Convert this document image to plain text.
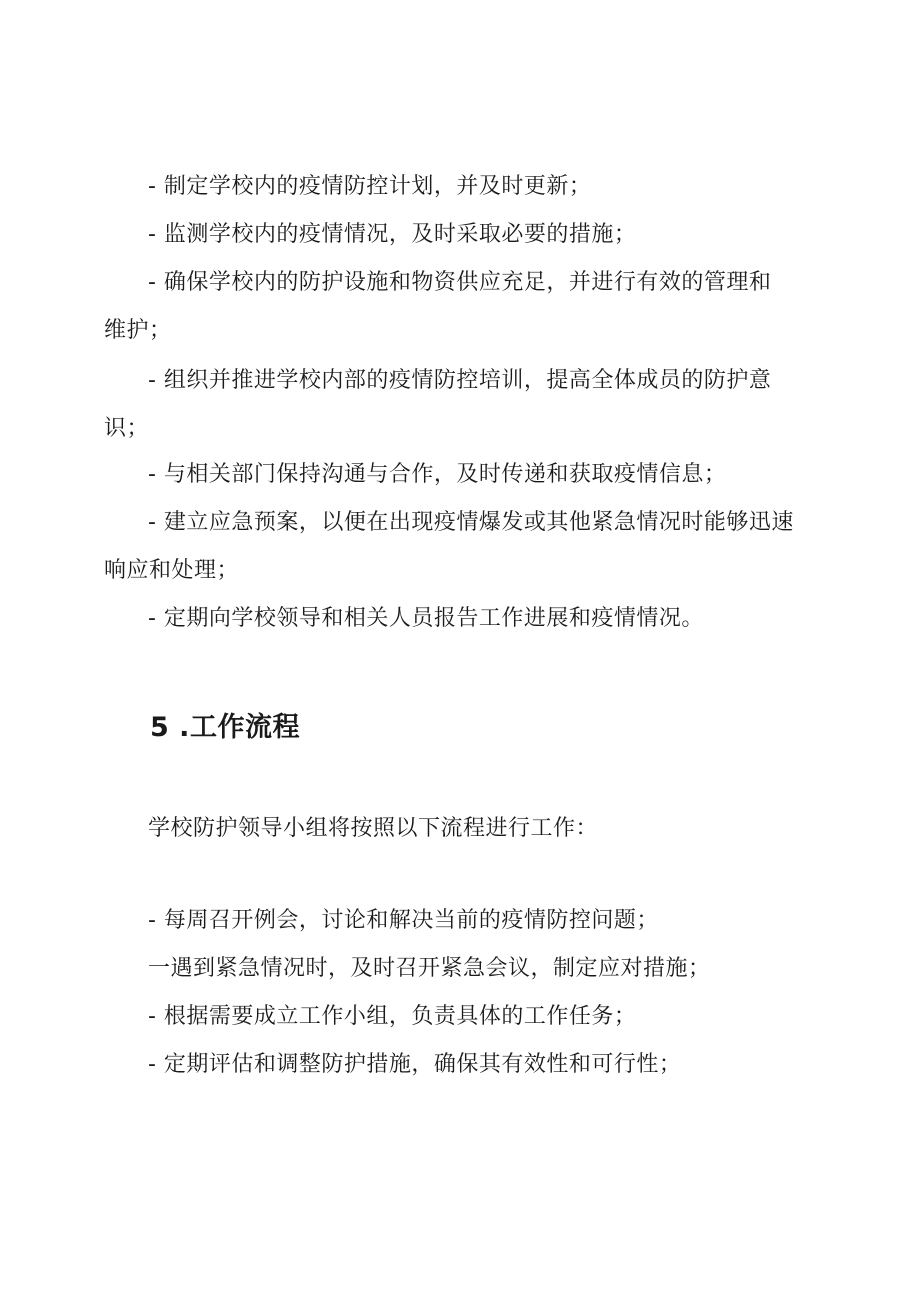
- 制定学校内的疫情防控计划，并及时更新；
- 监测学校内的疫情情况，及时采取必要的措施；
- 确保学校内的防护设施和物资供应充足，并进行有效的管理和
维护；
- 组织并推进学校内部的疫情防控培训，提高全体成员的防护意
识；
- 与相关部门保持沟通与合作，及时传递和获取疫情信息；
- 建立应急预案，以便在出现疫情爆发或其他紧急情况时能够迅速
响应和处理；
- 定期向学校领导和相关人员报告工作进展和疫情情况。
5 .工作流程
学校防护领导小组将按照以下流程进行工作：
- 每周召开例会，讨论和解决当前的疫情防控问题；
一遇到紧急情况时，及时召开紧急会议，制定应对措施；
- 根据需要成立工作小组，负责具体的工作任务；
- 定期评估和调整防护措施，确保其有效性和可行性；
